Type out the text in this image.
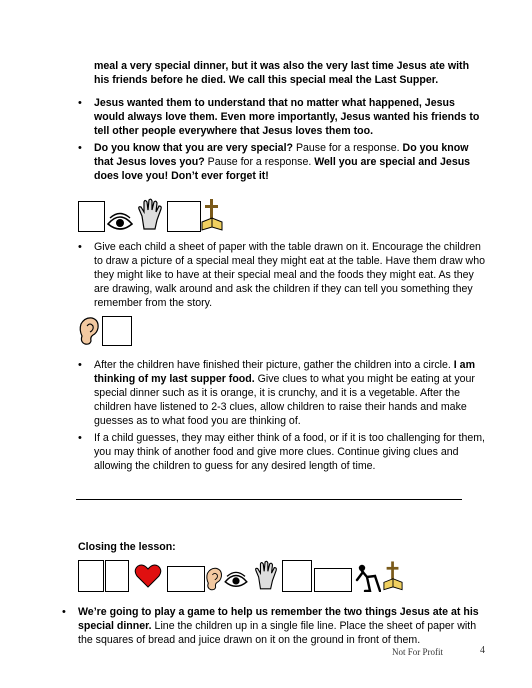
meal a very special dinner, but it was also the very last time Jesus ate with his friends before he died. We call this special meal the Last Supper.

• Jesus wanted them to understand that no matter what happened, Jesus would always love them. Even more importantly, Jesus wanted his friends to tell other people everywhere that Jesus loves them too.

• Do you know that you are very special? Pause for a response. Do you know that Jesus loves you? Pause for a response. Well you are special and Jesus does love you! Don’t ever forget it!

• Give each child a sheet of paper with the table drawn on it. Encourage the children to draw a picture of a special meal they might eat at the table. Have them draw who they might like to have at their special meal and the foods they might eat. As they are drawing, walk around and ask the children if they can tell you something they remember from the story.

• After the children have finished their picture, gather the children into a circle. I am thinking of my last supper food. Give clues to what you might be eating at your special dinner such as it is orange, it is crunchy, and it is a vegetable. After the children have listened to 2-3 clues, allow children to raise their hands and make guesses as to what food you are thinking of.

• If a child guesses, they may either think of a food, or if it is too challenging for them, you may think of another food and give more clues. Continue giving clues and allowing the children to guess for any desired length of time.

Closing the lesson:

• We’re going to play a game to help us remember the two things Jesus ate at his special dinner. Line the children up in a single file line. Place the sheet of paper with the squares of bread and juice drawn on it on the ground in front of them.

Not For Profit	4
